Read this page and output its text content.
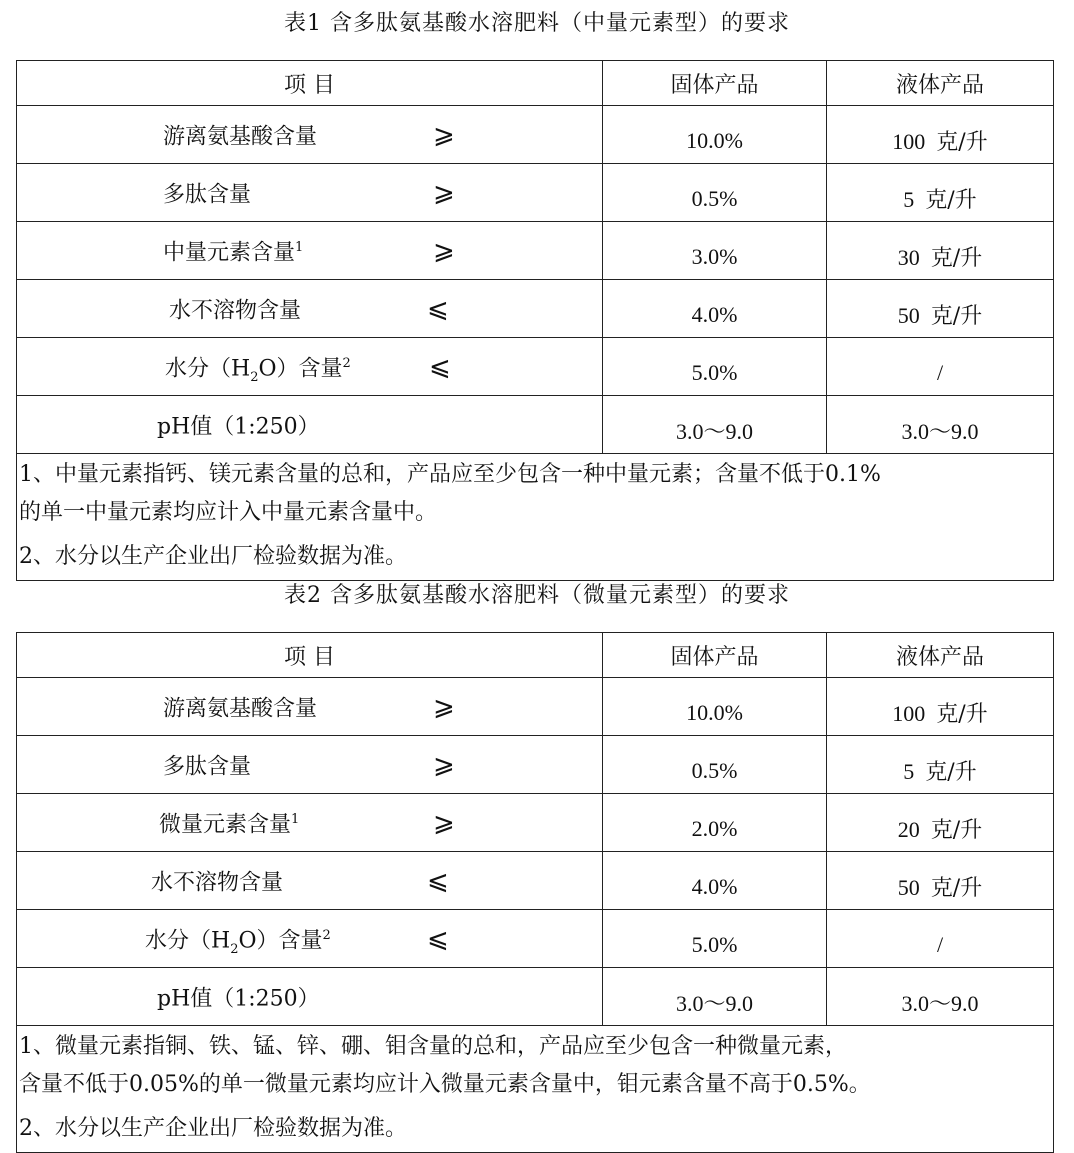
表1 含多肽氨基酸水溶肥料（中量元素型）的要求
项 目	固体产品	液体产品

游离氨基酸含量 ⩾	10.0%	100 克/升

多肽含量 ⩾	0.5%	5 克/升

中量元素含量$^1$ ⩾	3.0%	30 克/升

水不溶物含量 ⩽	4.0%	50 克/升

水分$(H_2O)$含量$^2$ ⩽	5.0%	/

pH值（1:250）	3.0～9.0	3.0～9.0

1、中量元素指钙、镁元素含量的总和，产品应至少包含一种中量元素；含量不低于0.1%
的单一中量元素均应计入中量元素含量中。
2、水分以生产企业出厂检验数据为准。		
表2 含多肽氨基酸水溶肥料（微量元素型）的要求
项 目	固体产品	液体产品

游离氨基酸含量 ⩾	10.0%	100 克/升

多肽含量 ⩾	0.5%	5 克/升

微量元素含量$^1$ ⩾	2.0%	20 克/升

水不溶物含量 ⩽	4.0%	50 克/升

水分$(H_2O)$含量$^2$ ⩽	5.0%	/

pH值（1:250）	3.0～9.0	3.0～9.0

1、微量元素指铜、铁、锰、锌、硼、钼含量的总和，产品应至少包含一种微量元素，
含量不低于0.05%的单一微量元素均应计入微量元素含量中，钼元素含量不高于0.5%。
2、水分以生产企业出厂检验数据为准。		
